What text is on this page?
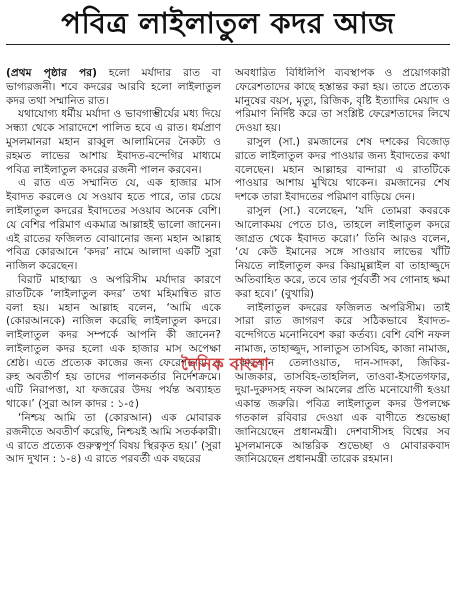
পবিত্র লাইলাতুল কদর আজ

(প্রথম পৃষ্ঠার পর) হলো মর্যাদার রাত বা ভাগ্যরজনী। শবে কদরের আরবি হলো লাইলাতুল কদর তথা সম্মানিত রাত।

যথাযোগ্য ধর্মীয় মর্যাদা ও ভাবগাম্ভীর্যের মধ্য দিয়ে সন্ধ্যা থেকে সারাদেশে পালিত হবে এ রাত। ধর্মপ্রাণ মুসলমানরা মহান রাব্বুল আলামিনের নৈকট্য ও রহমত লাভের আশায় ইবাদত-বন্দেগির মাধ্যমে পবিত্র লাইলাতুল কদরের রজনী পালন করবেন।

এ রাত এত সম্মানিত যে, এক হাজার মাস ইবাদত করলেও যে সওয়াব হতে পারে, তার চেয়ে লাইলাতুল কদরের ইবাদতের সওয়াব অনেক বেশি। যে বেশির পরিমাণ একমাত্র আল্লাহই ভালো জানেন। এই রাতের ফজিলত বোঝানোর জন্য মহান আল্লাহ পবিত্র কোরআনে ‘কদর’ নামে আলাদা একটি সুরা নাজিল করেছেন।

বিরাট মাহাত্ম্য ও অপরিসীম মর্যাদার কারণে রাতটিকে ‘লাইলাতুল কদর’ তথা মহিমান্বিত রাত বলা হয়। মহান আল্লাহ বলেন, ‘আমি একে (কোরআনকে) নাজিল করেছি লাইলাতুল কদরে। লাইলাতুল কদর সম্পর্কে আপনি কী জানেন? লাইলাতুল কদর হলো এক হাজার মাস অপেক্ষা শ্রেষ্ঠ। এতে প্রত্যেক কাজের জন্য ফেরেশতারা ও রুহ অবতীর্ণ হয় তাদের পালনকর্তার নির্দেশক্রমে। এটি নিরাপত্তা, যা ফজরের উদয় পর্যন্ত অব্যাহত থাকে।’ (সুরা আল কাদর : ১-৫)

‘নিশ্চয় আমি তা (কোরআন) এক মোবারক রজনীতে অবতীর্ণ করেছি, নিশ্চয়ই আমি সতর্ককারী। এ রাতে প্রত্যেক গুরুত্বপূর্ণ বিষয় স্থিরকৃত হয়।’ (সুরা আদ দুখান : ১-৪) এ রাতে পরবর্তী এক বছরের

অবধারিত বিধিলিপি ব্যবস্থাপক ও প্রয়োগকারী ফেরেশতাদের কাছে হস্তান্তর করা হয়। তাতে প্রত্যেক মানুষের বয়স, মৃত্যু, রিজিক, বৃষ্টি ইত্যাদির মেয়াদ ও পরিমাণ নির্দিষ্ট করে তা সংশ্লিষ্ট ফেরেশতাদের লিখে দেওয়া হয়।

রাসুল (সা.) রমজানের শেষ দশকের বিজোড় রাতে লাইলাতুল কদর পাওয়ার জন্য ইবাদতের কথা বলেছেন। মহান আল্লাহর বান্দারা এ রাতটিকে পাওয়ার আশায় মুখিয়ে থাকেন। রমজানের শেষ দশকে তারা ইবাদতের পরিমাণ বাড়িয়ে দেন।

রাসুল (সা.) বলেছেন, ‘যদি তোমরা কবরকে আলোকময় পেতে চাও, তাহলে লাইলাতুল কদরে জাগ্রত থেকে ইবাদত করো।’ তিনি আরও বলেন, ‘যে কেউ ইমানের সঙ্গে সাওয়াব লাভের খাঁটি নিয়তে লাইলাতুল কদর কিয়ামুল্লাইল বা তাহাজ্জুদে অতিবাহিত করে, তবে তার পূর্ববর্তী সব গোনাহ ক্ষমা করা হবে।’ (বুখারি)

লাইলাতুল কদরের ফজিলত অপরিসীম। তাই সারা রাত জাগরণ করে সঠিকভাবে ইবাদত-বন্দেগিতে মনোনিবেশ করা কর্তব্য। বেশি বেশি নফল নামাজ, তাহাজ্জুদ, সালাতুস তাসবিহ, কাজা নামাজ, কোরআন তেলাওয়াত, দান-সাদকা, জিকির-আজকার, তাসবিহ-তাহলিল, তাওবা-ইসতেগফার, দুয়া-দুরুদসহ নফল আমলের প্রতি মনোযোগী হওয়া একান্ত জরুরি। পবিত্র লাইলাতুল কদর উপলক্ষে গতকাল রবিবার দেওয়া এক বাণীতে শুভেচ্ছা জানিয়েছেন প্রধানমন্ত্রী। দেশবাসীসহ বিশ্বের সব মুসলমানকে আন্তরিক শুভেচ্ছা ও মোবারকবাদ জানিয়েছেন প্রধানমন্ত্রী তারেক রহমান।

দৈনিক বাংলা
